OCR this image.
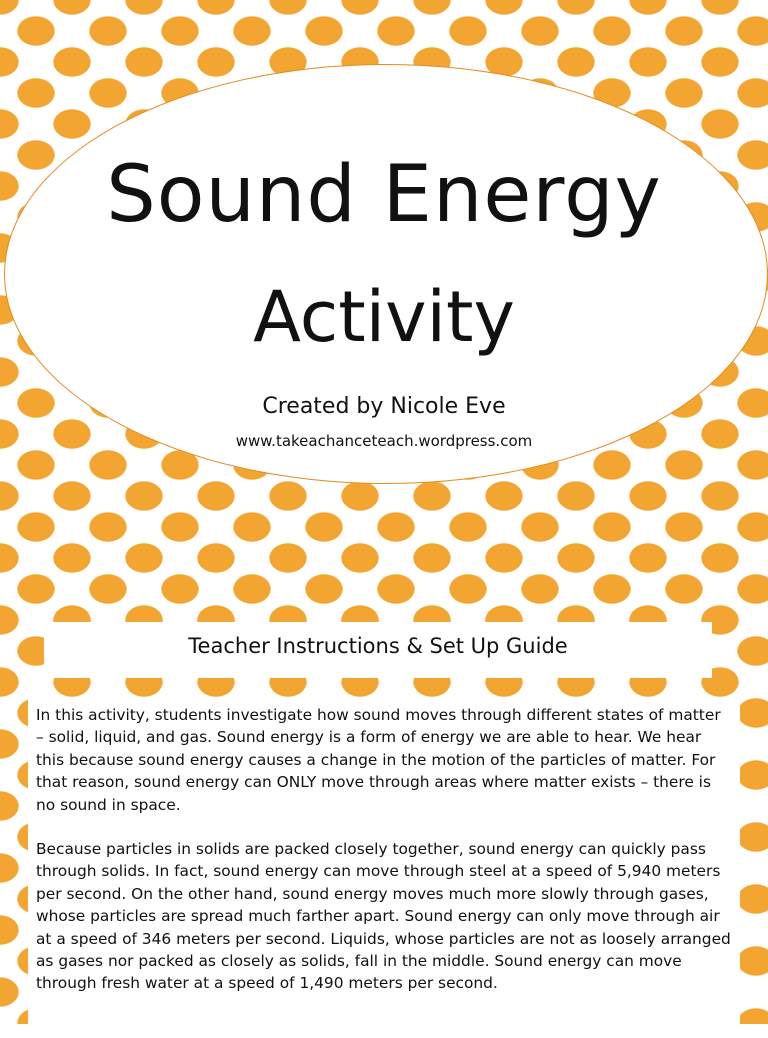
Sound Energy
Activity
Created by Nicole Eve
www.takeachanceteach.wordpress.com
Teacher Instructions & Set Up Guide

In this activity, students investigate how sound moves through different states of matter – solid, liquid, and gas. Sound energy is a form of energy we are able to hear. We hear this because sound energy causes a change in the motion of the particles of matter. For that reason, sound energy can ONLY move through areas where matter exists – there is no sound in space.

Because particles in solids are packed closely together, sound energy can quickly pass through solids. In fact, sound energy can move through steel at a speed of 5,940 meters per second. On the other hand, sound energy moves much more slowly through gases, whose particles are spread much farther apart. Sound energy can only move through air at a speed of 346 meters per second. Liquids, whose particles are not as loosely arranged as gases nor packed as closely as solids, fall in the middle. Sound energy can move through fresh water at a speed of 1,490 meters per second.
